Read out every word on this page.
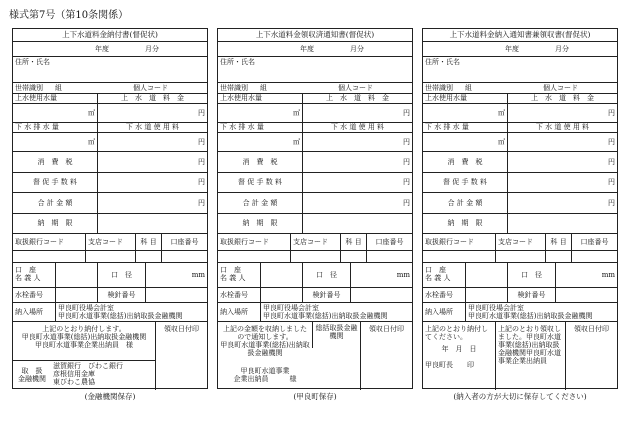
様式第7号（第10条関係）
上下水道料金納付書(督促状)
年度	月分
住所・氏名
世帯識別	組	個人コード
上水使用水量	上　水　道　料　金
㎥	円
下 水 排 水 量	下 水 道 使 用 料
㎥	円
消　費　税	円
督 促 手 数 料	円
合 計 金 額	円
納　期　限
取扱銀行コード	支店コード	科 目	口座番号
口　座
名 義 人	口　径	mm
水栓番号	検針番号
納入場所	甲良町役場会計室
甲良町水道事業(総括)出納取扱金融機関
上記のとおり納付します。
甲良町水道事業(総括)出納取扱金融機関
甲良町水道事業企業出納員　様
取　扱
金融機関
滋賀銀行　 びわこ銀行
彦根信用金庫
東びわこ農協
領収日付印
(金融機関保存)
上下水道料金領収済通知書(督促状)
年度	月分
住所・氏名
世帯識別	組	個人コード
上水使用水量	上　水　道　料　金
㎥	円
下 水 排 水 量	下 水 道 使 用 料
㎥	円
消　費　税	円
督 促 手 数 料	円
合 計 金 額	円
納　期　限
取扱銀行コード	支店コード	科 目	口座番号
口　座
名 義 人	口　径	mm
水栓番号	検針番号
納入場所	甲良町役場会計室
甲良町水道事業(総括)出納取扱金融機関
上記の金額を収納しましたので通知します。
甲良町水道事業(総括)出納取扱金融機関
甲良町水道事業
企業出納員　　　様
総括取扱金融機関
領収日付印
(甲良町保存)
上下水道料金納入通知書兼領収書(督促状)
年度	月分
住所・氏名
世帯識別	組	個人コード
上水使用水量	上　水　道　料　金
㎥	円
下 水 排 水 量	下 水 道 使 用 料
㎥	円
消　費　税	円
督 促 手 数 料	円
合 計 金 額	円
納　期　限
取扱銀行コード	支店コード	科 目	口座番号
口　座
名 義 人	口　径	mm
水栓番号	検針番号
納入場所	甲良町役場会計室
甲良町水道事業(総括)出納取扱金融機関
上記のとおり納付してください。
年　月　日
甲良町長　　印
上記のとおり領収しました。甲良町水道事業(総括)出納取扱金融機関甲良町水道事業企業出納員
領収日付印
(納入者の方が大切に保存してください)
